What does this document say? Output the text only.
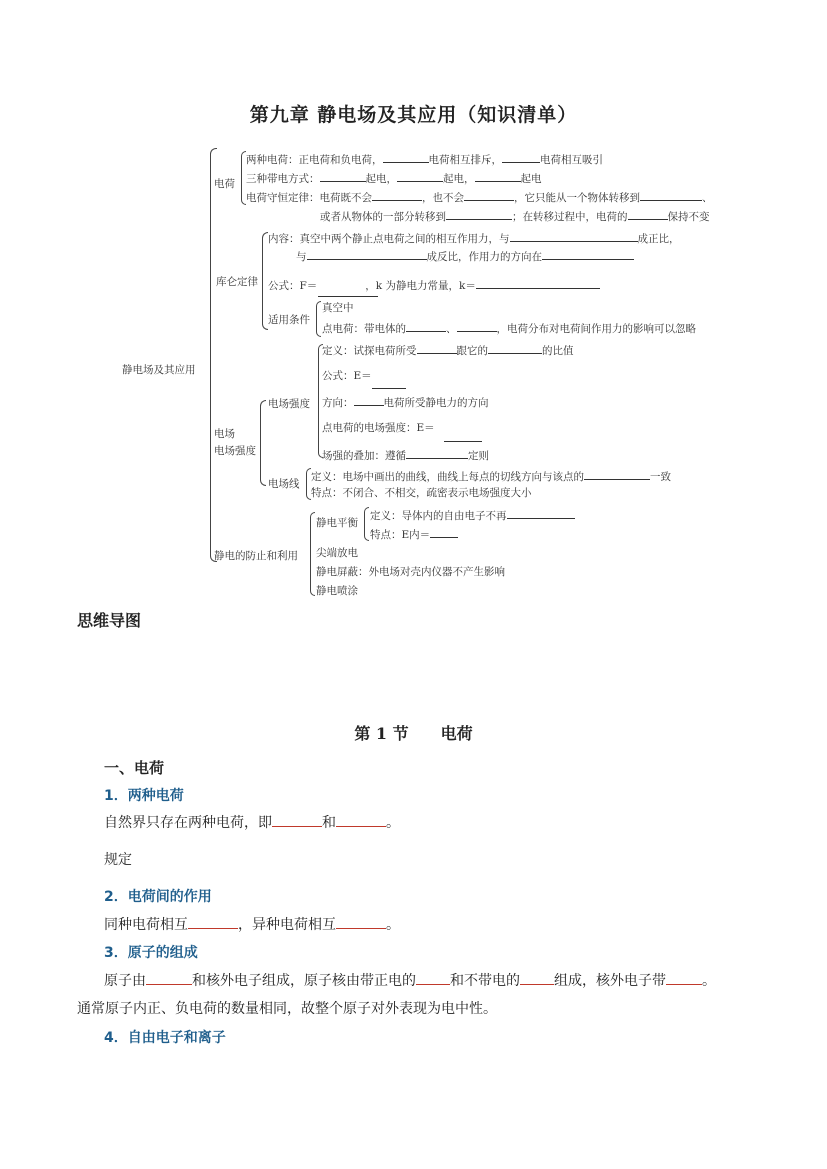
第九章 静电场及其应用（知识清单）
静电场及其应用
电荷
两种电荷：正电荷和负电荷，	电荷相互排斥，	电荷相互吸引
三种带电方式：	起电，	起电，	起电
电荷守恒定律：电荷既不会	，也不会	，它只能从一个物体转移到	、
或者从物体的一部分转移到	；在转移过程中，电荷的	保持不变
库仑定律
内容：真空中两个静止点电荷之间的相互作用力，与	成正比，
与	成反比，作用力的方向在
公式：F＝	，k 为静电力常量，k＝
适用条件
真空中
点电荷：带电体的	、	，电荷分布对电荷间作用力的影响可以忽略
电场
电场强度
电场强度
定义：试探电荷所受	跟它的	的比值
公式：E＝
方向：	电荷所受静电力的方向
点电荷的电场强度：E＝
场强的叠加：遵循	定则
电场线
定义：电场中画出的曲线，曲线上每点的切线方向与该点的	一致
特点：不闭合、不相交，疏密表示电场强度大小
静电的防止和利用
静电平衡
定义：导体内的自由电子不再
特点：E内＝
尖端放电
静电屏蔽：外电场对壳内仪器不产生影响
静电喷涂
思维导图
第 1 节 电荷
一、电荷
1．两种电荷
自然界只存在两种电荷，即	和	。
规定
2．电荷间的作用
同种电荷相互	，异种电荷相互	。
3．原子的组成
原子由	和核外电子组成，原子核由带正电的 和不带电的 组成，核外电子带	。
通常原子内正、负电荷的数量相同，故整个原子对外表现为电中性。
4．自由电子和离子
